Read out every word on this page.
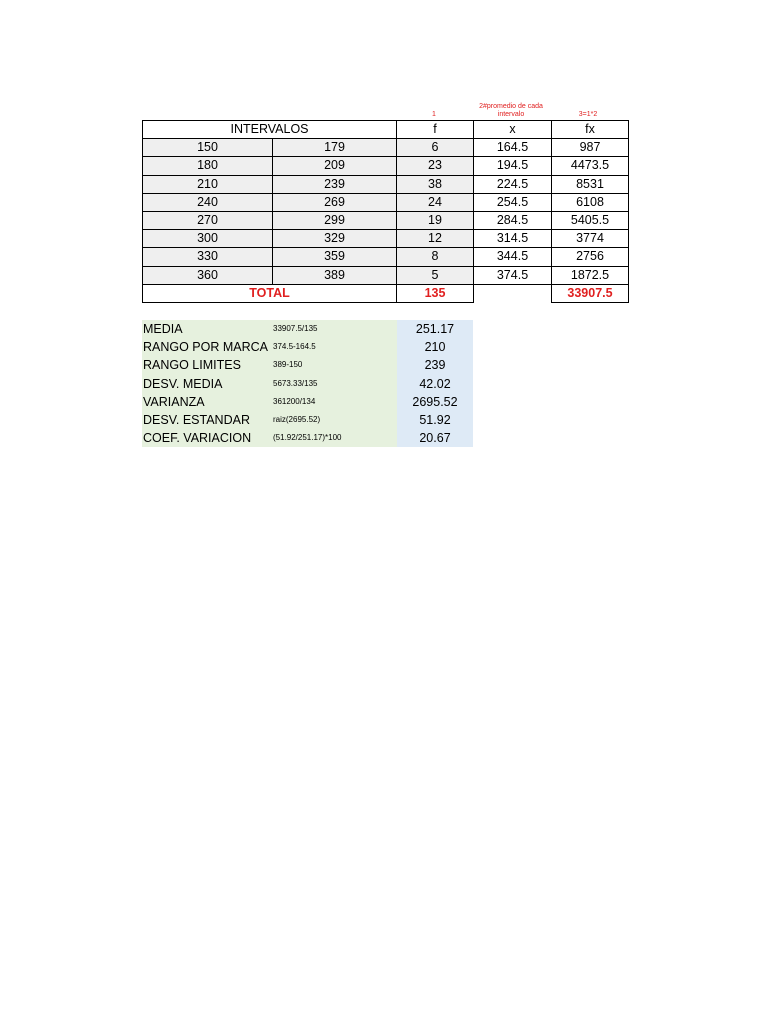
1
2#promedio de cada intervalo	3=1*2
INTERVALOS		f	x	fx
150	179	6	164.5	987
180	209	23	194.5	4473.5
210	239	38	224.5	8531
240	269	24	254.5	6108
270	299	19	284.5	5405.5
300	329	12	314.5	3774
330	359	8	344.5	2756
360	389	5	374.5	1872.5
TOTAL		135		33907.5
MEDIA	33907.5/135	251.17
RANGO POR MARCA	374.5-164.5	210
RANGO LIMITES	389-150	239
DESV. MEDIA	5673.33/135	42.02
VARIANZA	361200/134	2695.52
DESV. ESTANDAR	raiz(2695.52)	51.92
COEF. VARIACION	(51.92/251.17)*100	20.67
